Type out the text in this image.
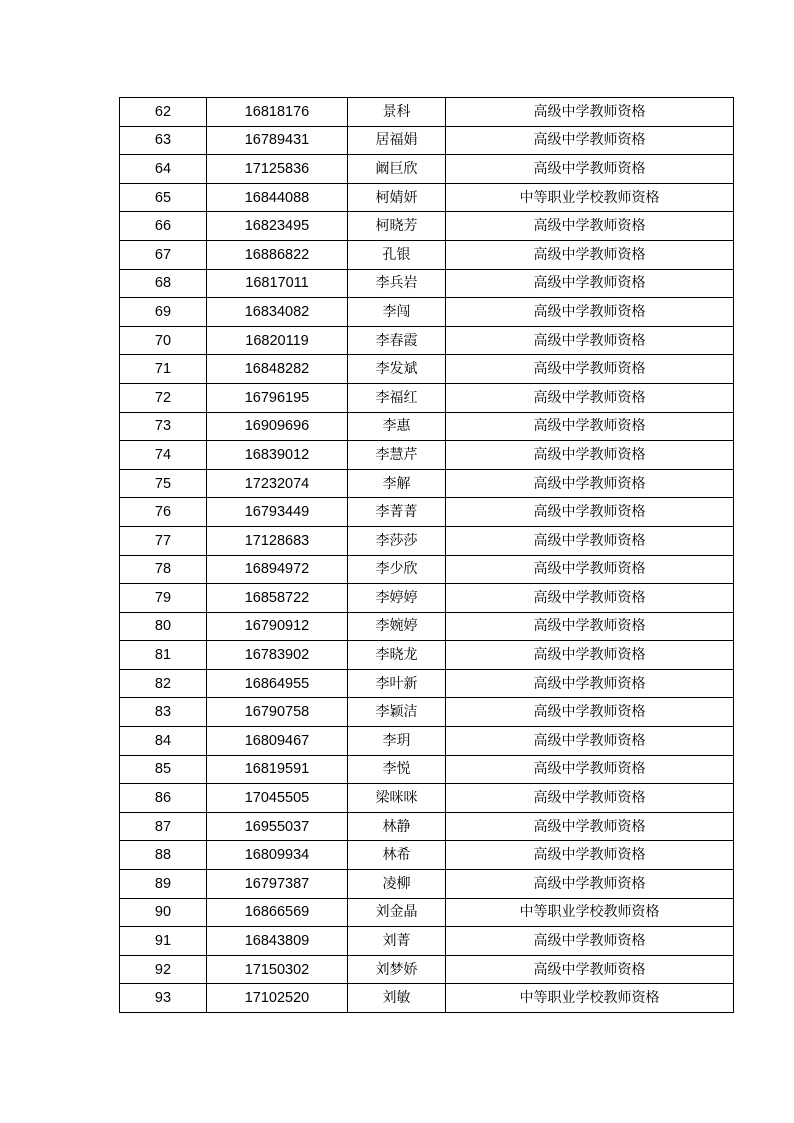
62	16818176	景科	高级中学教师资格
63	16789431	居福娟	高级中学教师资格
64	17125836	阚巨欣	高级中学教师资格
65	16844088	柯婧妍	中等职业学校教师资格
66	16823495	柯晓芳	高级中学教师资格
67	16886822	孔银	高级中学教师资格
68	16817011	李兵岩	高级中学教师资格
69	16834082	李闯	高级中学教师资格
70	16820119	李春霞	高级中学教师资格
71	16848282	李发斌	高级中学教师资格
72	16796195	李福红	高级中学教师资格
73	16909696	李惠	高级中学教师资格
74	16839012	李慧芹	高级中学教师资格
75	17232074	李解	高级中学教师资格
76	16793449	李菁菁	高级中学教师资格
77	17128683	李莎莎	高级中学教师资格
78	16894972	李少欣	高级中学教师资格
79	16858722	李婷婷	高级中学教师资格
80	16790912	李婉婷	高级中学教师资格
81	16783902	李晓龙	高级中学教师资格
82	16864955	李叶新	高级中学教师资格
83	16790758	李颖洁	高级中学教师资格
84	16809467	李玥	高级中学教师资格
85	16819591	李悦	高级中学教师资格
86	17045505	梁咪咪	高级中学教师资格
87	16955037	林静	高级中学教师资格
88	16809934	林希	高级中学教师资格
89	16797387	凌柳	高级中学教师资格
90	16866569	刘金晶	中等职业学校教师资格
91	16843809	刘菁	高级中学教师资格
92	17150302	刘梦娇	高级中学教师资格
93	17102520	刘敏	中等职业学校教师资格
